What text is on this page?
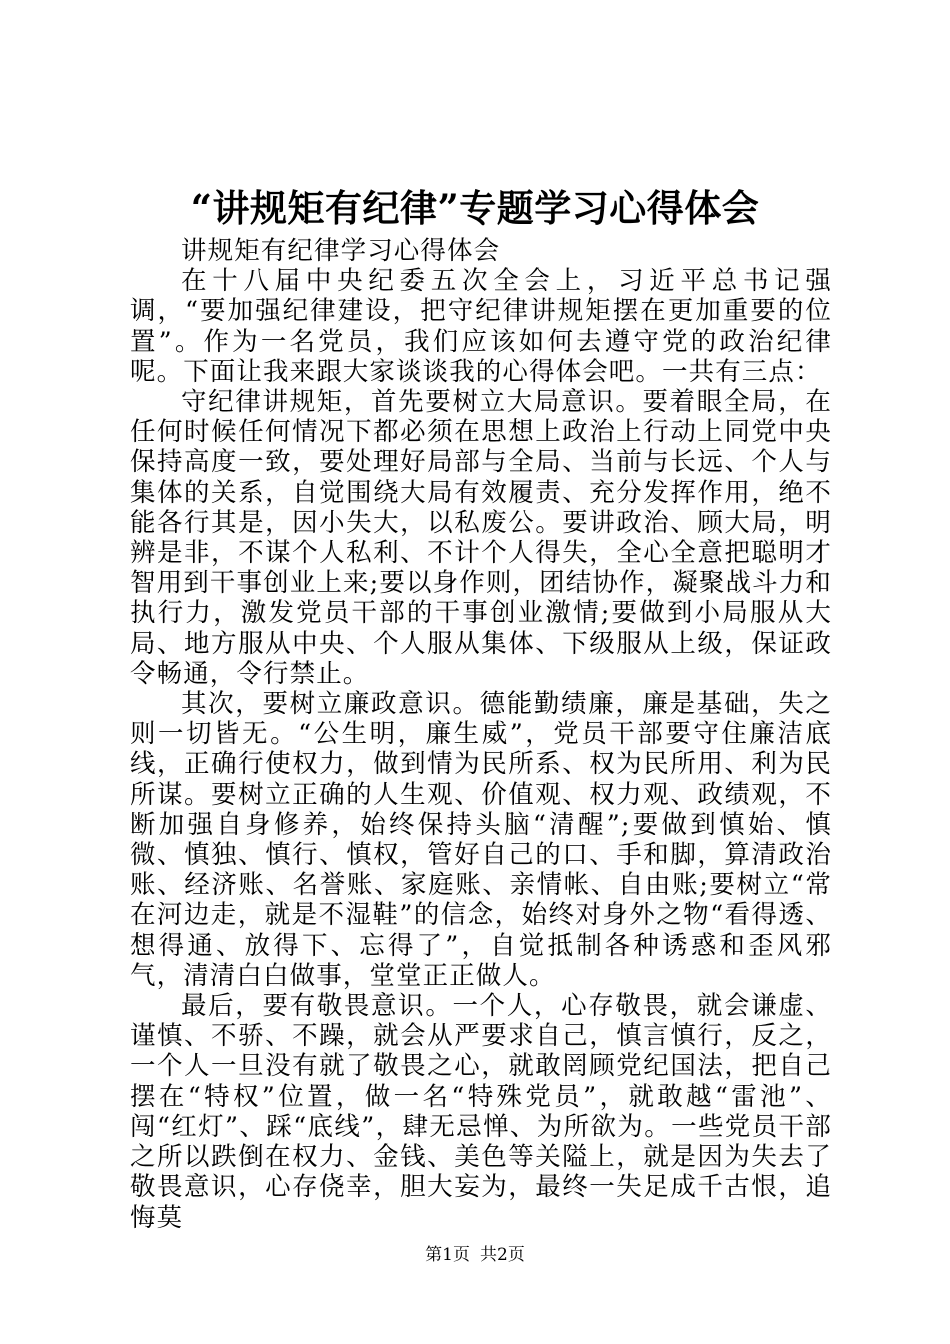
“讲规矩有纪律”专题学习心得体会

讲规矩有纪律学习心得体会

在十八届中央纪委五次全会上，习近平总书记强调，“要加强纪律建设，把守纪律讲规矩摆在更加重要的位置”。作为一名党员，我们应该如何去遵守党的政治纪律呢。下面让我来跟大家谈谈我的心得体会吧。一共有三点：

守纪律讲规矩，首先要树立大局意识。要着眼全局，在任何时候任何情况下都必须在思想上政治上行动上同党中央保持高度一致，要处理好局部与全局、当前与长远、个人与集体的关系，自觉围绕大局有效履责、充分发挥作用，绝不能各行其是，因小失大，以私废公。要讲政治、顾大局，明辨是非，不谋个人私利、不计个人得失，全心全意把聪明才智用到干事创业上来;要以身作则，团结协作，凝聚战斗力和执行力，激发党员干部的干事创业激情;要做到小局服从大局、地方服从中央、个人服从集体、下级服从上级，保证政令畅通，令行禁止。

其次，要树立廉政意识。德能勤绩廉，廉是基础，失之则一切皆无。“公生明，廉生威”，党员干部要守住廉洁底线，正确行使权力，做到情为民所系、权为民所用、利为民所谋。要树立正确的人生观、价值观、权力观、政绩观，不断加强自身修养，始终保持头脑“清醒”;要做到慎始、慎微、慎独、慎行、慎权，管好自己的口、手和脚，算清政治账、经济账、名誉账、家庭账、亲情帐、自由账;要树立“常在河边走，就是不湿鞋”的信念，始终对身外之物“看得透、想得通、放得下、忘得了”，自觉抵制各种诱惑和歪风邪气，清清白白做事，堂堂正正做人。

最后，要有敬畏意识。一个人，心存敬畏，就会谦虚、谨慎、不骄、不躁，就会从严要求自己，慎言慎行，反之，一个人一旦没有就了敬畏之心，就敢罔顾党纪国法，把自己摆在“特权”位置，做一名“特殊党员”，就敢越“雷池”、闯“红灯”、踩“底线”，肆无忌惮、为所欲为。一些党员干部之所以跌倒在权力、金钱、美色等关隘上，就是因为失去了敬畏意识，心存侥幸，胆大妄为，最终一失足成千古恨，追悔莫

第1页 共2页
